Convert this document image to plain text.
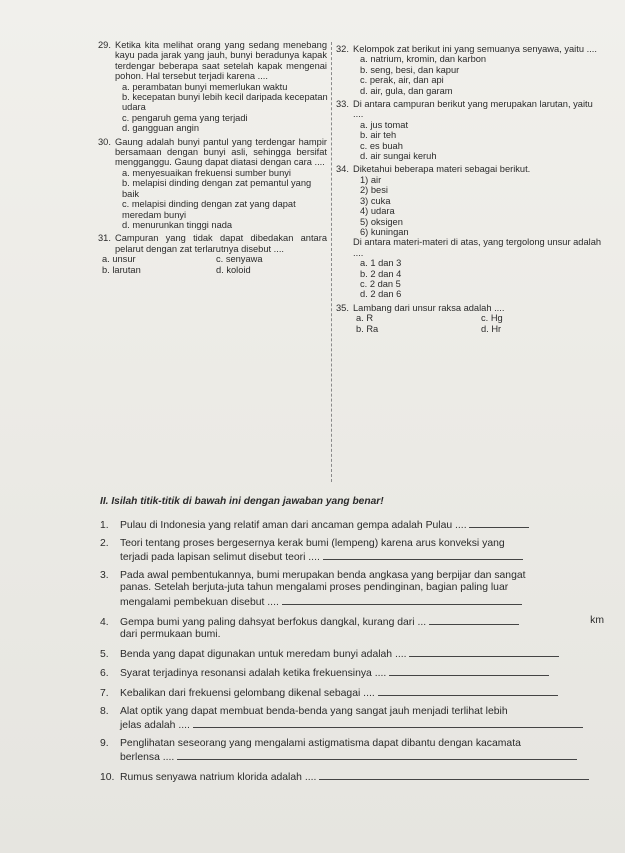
29. Ketika kita melihat orang yang sedang menebang kayu pada jarak yang jauh, bunyi beradunya kapak terdengar beberapa saat setelah kapak mengenai pohon. Hal tersebut terjadi karena ....
a. perambatan bunyi memerlukan waktu
b. kecepatan bunyi lebih kecil daripada kecepatan udara
c. pengaruh gema yang terjadi
d. gangguan angin
30. Gaung adalah bunyi pantul yang terdengar hampir bersamaan dengan bunyi asli, sehingga bersifat mengganggu. Gaung dapat diatasi dengan cara ....
a. menyesuaikan frekuensi sumber bunyi
b. melapisi dinding dengan zat pemantul yang baik
c. melapisi dinding dengan zat yang dapat meredam bunyi
d. menurunkan tinggi nada
31. Campuran yang tidak dapat dibedakan antara pelarut dengan zat terlarutnya disebut ....
a. unsur	c. senyawa
b. larutan	d. koloid
32. Kelompok zat berikut ini yang semuanya senyawa, yaitu ....
a. natrium, kromin, dan karbon
b. seng, besi, dan kapur
c. perak, air, dan api
d. air, gula, dan garam
33. Di antara campuran berikut yang merupakan larutan, yaitu ....
a. jus tomat
b. air teh
c. es buah
d. air sungai keruh
34. Diketahui beberapa materi sebagai berikut.
1) air
2) besi
3) cuka
4) udara
5) oksigen
6) kuningan
Di antara materi-materi di atas, yang tergolong unsur adalah ....
a. 1 dan 3
b. 2 dan 4
c. 2 dan 5
d. 2 dan 6
35. Lambang dari unsur raksa adalah ....
a. R	c. Hg
b. Ra	d. Hr
II. Isilah titik-titik di bawah ini dengan jawaban yang benar!
1. Pulau di Indonesia yang relatif aman dari ancaman gempa adalah Pulau ....
2. Teori tentang proses bergesernya kerak bumi (lempeng) karena arus konveksi yang
terjadi pada lapisan selimut disebut teori ....
3. Pada awal pembentukannya, bumi merupakan benda angkasa yang berpijar dan sangat
panas. Setelah berjuta-juta tahun mengalami proses pendinginan, bagian paling luar
mengalami pembekuan disebut ....
4. Gempa bumi yang paling dahsyat berfokus dangkal, kurang dari ...	km
dari permukaan bumi.
5. Benda yang dapat digunakan untuk meredam bunyi adalah ....
6. Syarat terjadinya resonansi adalah ketika frekuensinya ....
7. Kebalikan dari frekuensi gelombang dikenal sebagai ....
8. Alat optik yang dapat membuat benda-benda yang sangat jauh menjadi terlihat lebih
jelas adalah ....
9. Penglihatan seseorang yang mengalami astigmatisma dapat dibantu dengan kacamata
berlensa ....
10. Rumus senyawa natrium klorida adalah ....
